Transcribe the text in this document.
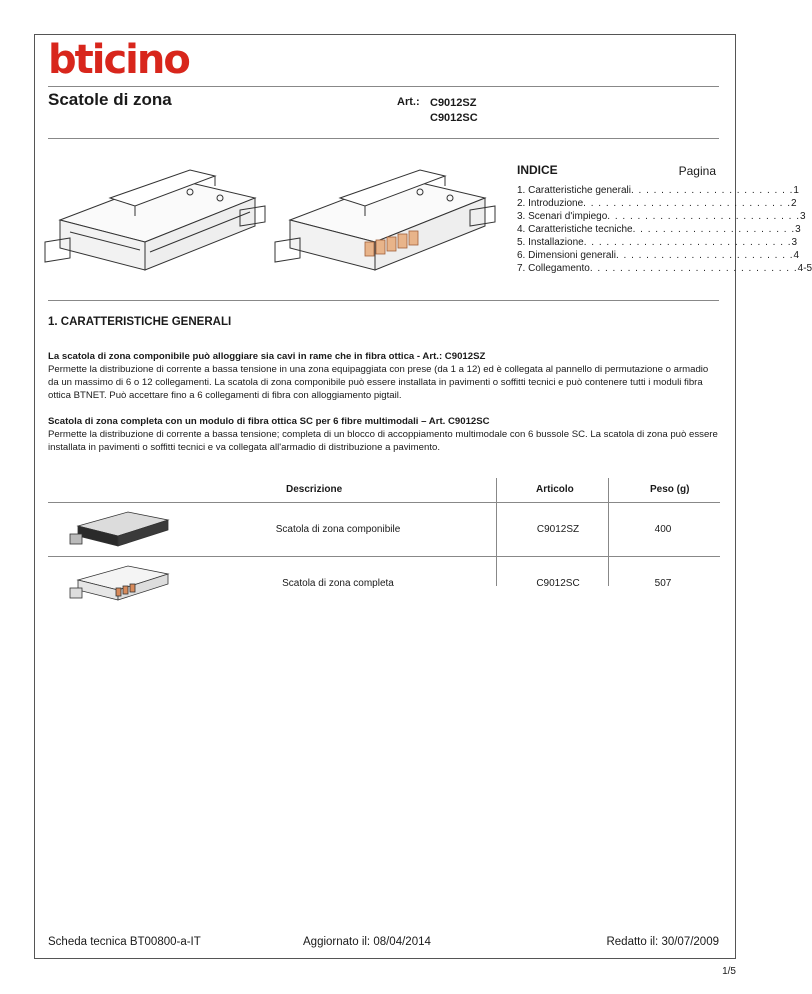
bticino
Scatole di zona	Art.: C9012SZ
C9012SC
INDICE	Pagina
1. Caratteristiche generali . . . . . . . . . . . . . . . . . . . . . . 1
2. Introduzione . . . . . . . . . . . . . . . . . . . . . . . . . . . . 2
3. Scenari d'impiego . . . . . . . . . . . . . . . . . . . . . . . . . . 3
4. Caratteristiche tecniche . . . . . . . . . . . . . . . . . . . . . . 3
5. Installazione . . . . . . . . . . . . . . . . . . . . . . . . . . . . 3
6. Dimensioni generali . . . . . . . . . . . . . . . . . . . . . . . . 4
7. Collegamento . . . . . . . . . . . . . . . . . . . . . . . . . . . . 4-5
1. CARATTERISTICHE GENERALI
La scatola di zona componibile può alloggiare sia cavi in rame che in fibra ottica - Art.: C9012SZ
Permette la distribuzione di corrente a bassa tensione in una zona equipaggiata con prese (da 1 a 12) ed è collegata al pannello di permutazione o armadio da un massimo di 6 o 12 collegamenti. La scatola di zona componibile può essere installata in pavimenti o soffitti tecnici e può contenere tutti i moduli fibra ottica BTNET. Può accettare fino a 6 collegamenti di fibra con alloggiamento pigtail.
Scatola di zona completa con un modulo di fibra ottica SC per 6 fibre multimodali – Art. C9012SC
Permette la distribuzione di corrente a bassa tensione; completa di un blocco di accoppiamento multimodale con 6 bussole SC. La scatola di zona può essere installata in pavimenti o soffitti tecnici e va collegata all'armadio di distribuzione a pavimento.
Descrizione	Articolo	Peso (g)
Scatola di zona componibile	C9012SZ	400
Scatola di zona completa	C9012SC	507
Scheda tecnica BT00800-a-IT	Aggiornato il: 08/04/2014	Redatto il: 30/07/2009
1/5
